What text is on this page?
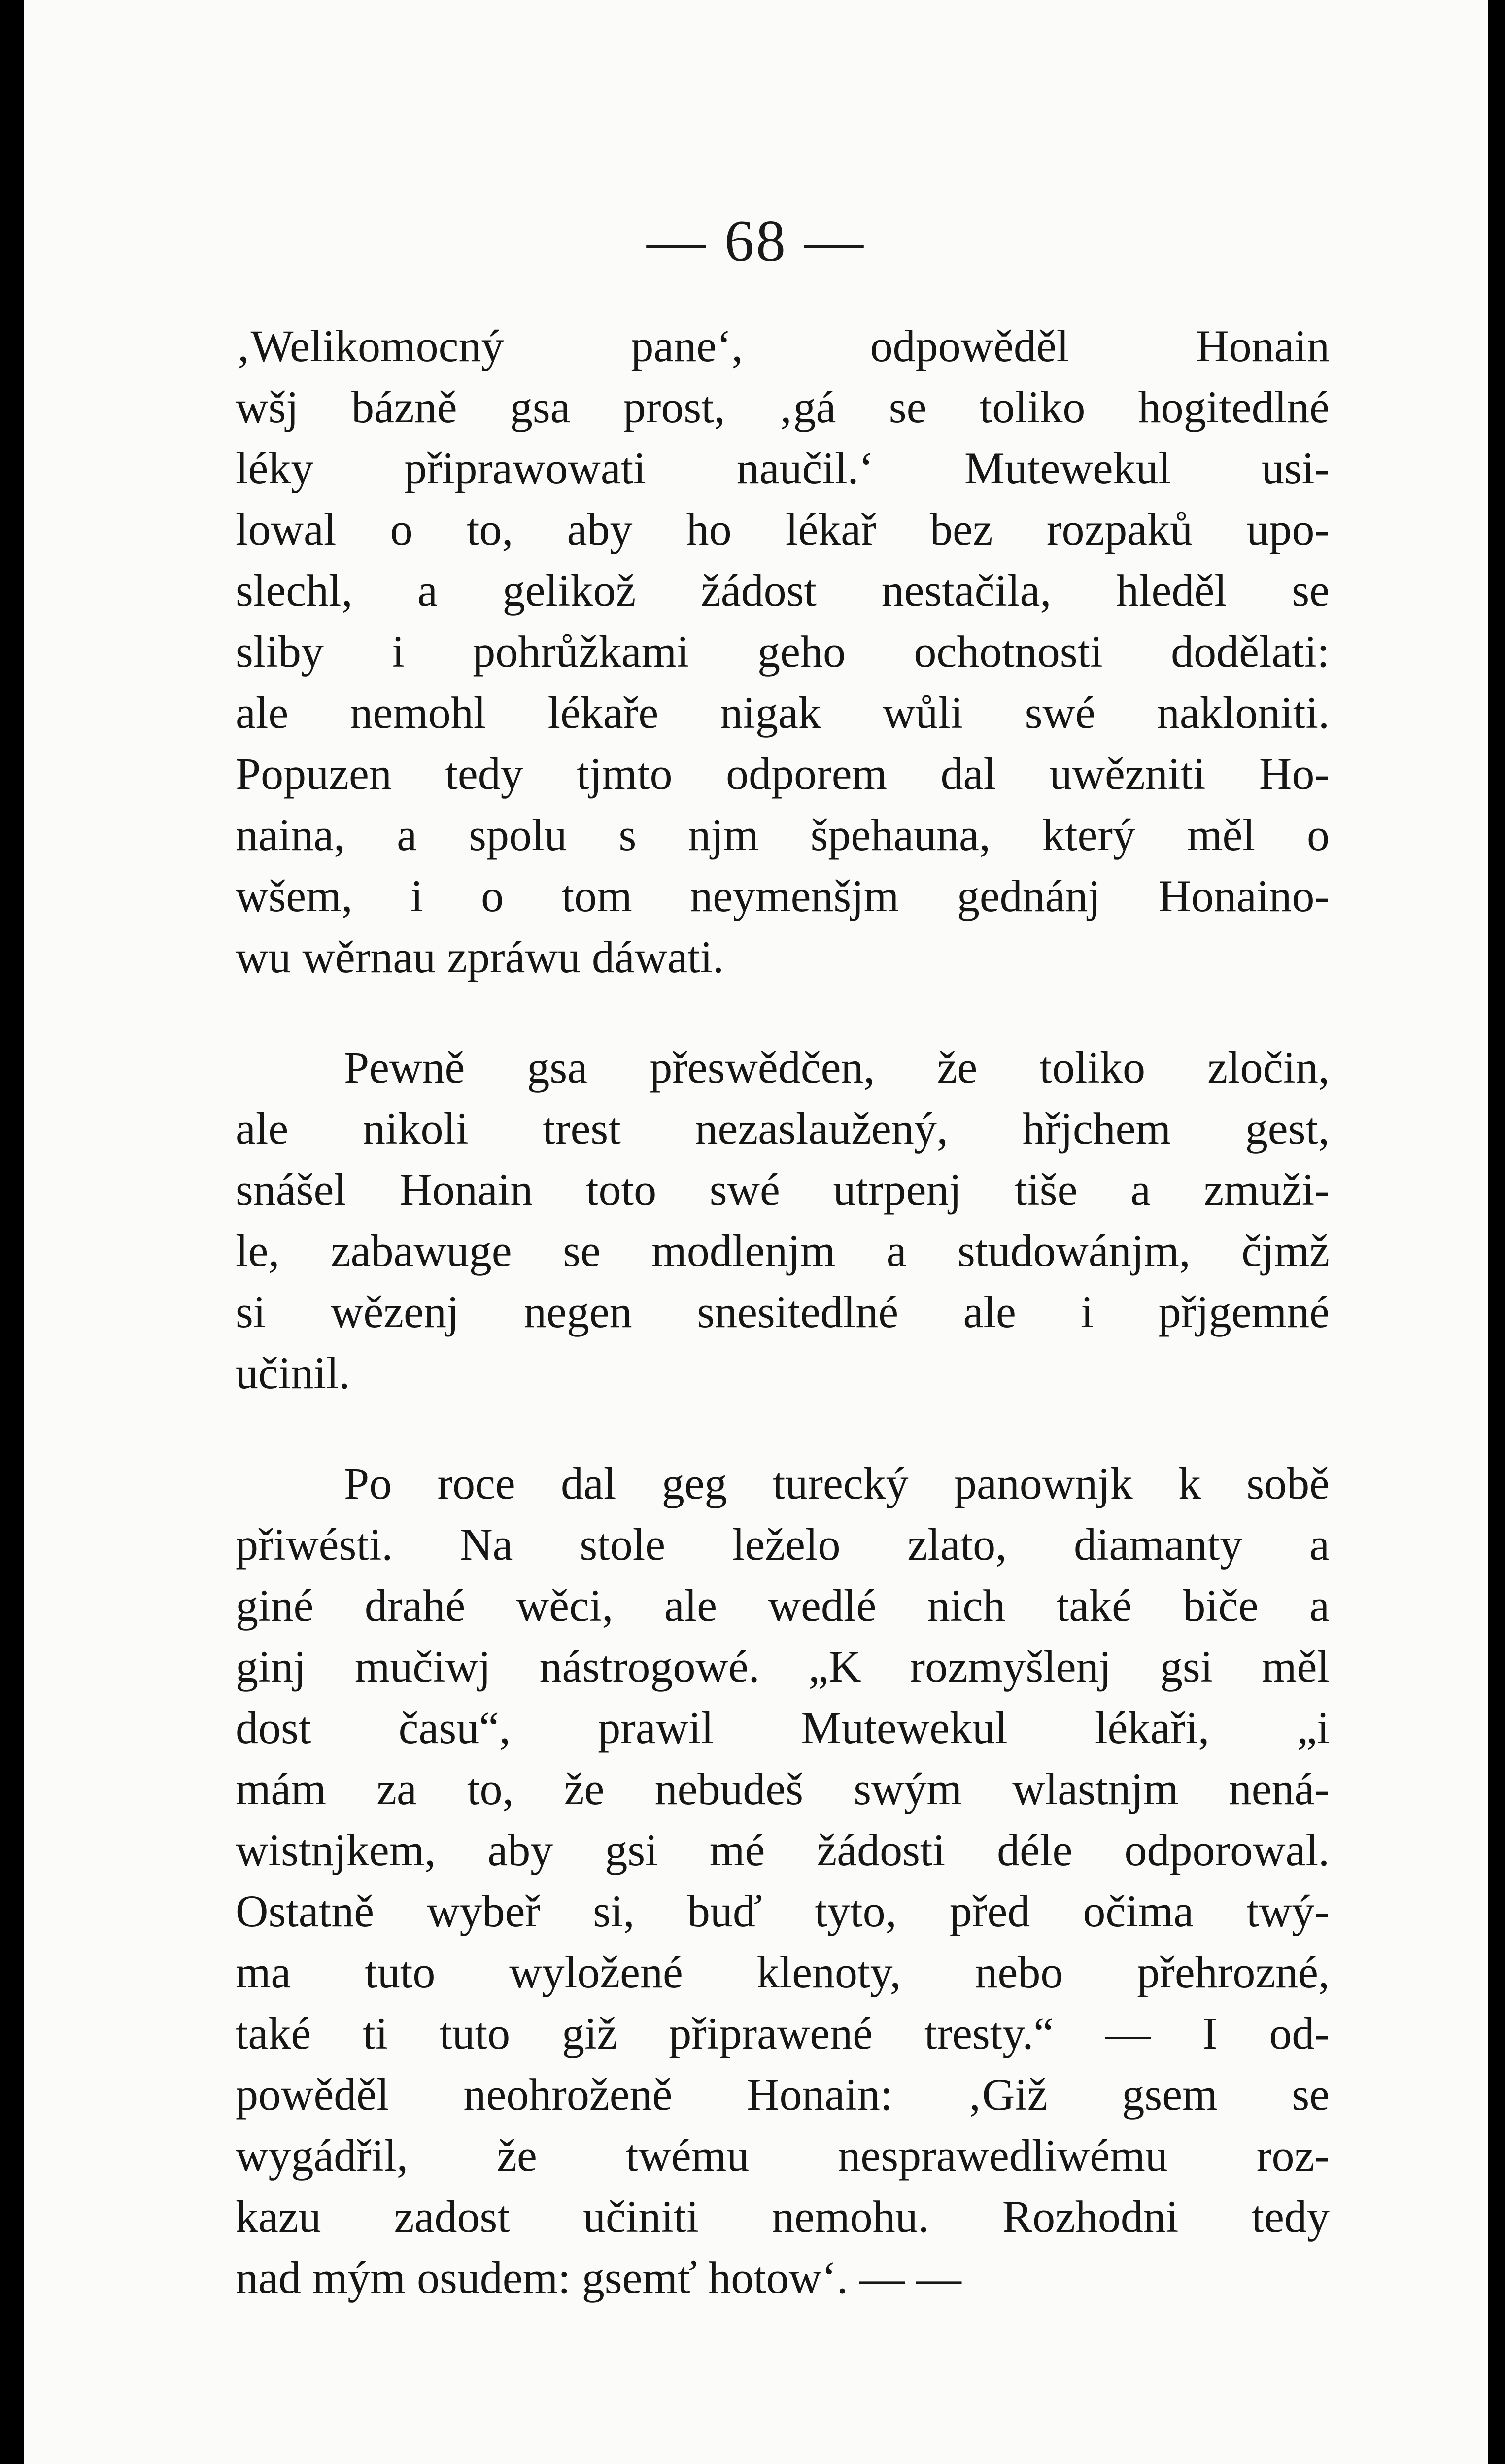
— 68 —
‚Welikomocný pane‘, odpowěděl Honain
wšj bázně gsa prost, ‚gá se toliko hogitedlné
léky připrawowati naučil.‘ Mutewekul usi-
lowal o to, aby ho lékař bez rozpaků upo-
slechl, a gelikož žádost nestačila, hleděl se
sliby i pohrůžkami geho ochotnosti doděl͏ati:
ale nemohl lékaře nigak wůli swé nakloniti.
Popuzen tedy tjmto odporem dal uwězniti Ho-
naina, a spolu s njm špehauna, který měl o
wšem, i o tom neymenšjm gednánj Honaino-
wu wěrnau zpráwu dáwati.
Pewně gsa přeswědčen, že toliko zločin,
ale nikoli trest nezaslaužený, hřjchem gest,
snášel Honain toto swé utrpenj tiše a zmuži-
le, zabawuge se modlenjm a studowánjm, čjmž
si wězenj negen snesitedlné ale i přjgemné
učinil.
Po roce dal geg turecký panownjk k sobě
přiwésti. Na stole leželo zlato, diamanty a
giné drahé wěci, ale wedlé nich také biče a
ginj mučiwj nástrogowé. „K rozmyšlenj gsi měl
dost času“, prawil Mutewekul lékaři, „i
mám za to, že nebudeš swým wlastnjm nená-
wistnjkem, aby gsi mé žádosti déle odporowal.
Ostatně wybeř si, buď tyto, před očima twý-
ma tuto wyložené klenoty, nebo přehrozné,
také ti tuto giž připrawené tresty.“ — I od-
powěděl neohroženě Honain: ‚Giž gsem se
wygádřil, že twému nesprawedliwému roz-
kazu zadost učiniti nemohu. Rozhodni tedy
nad mým osudem: gsemť hotow‘. — —
